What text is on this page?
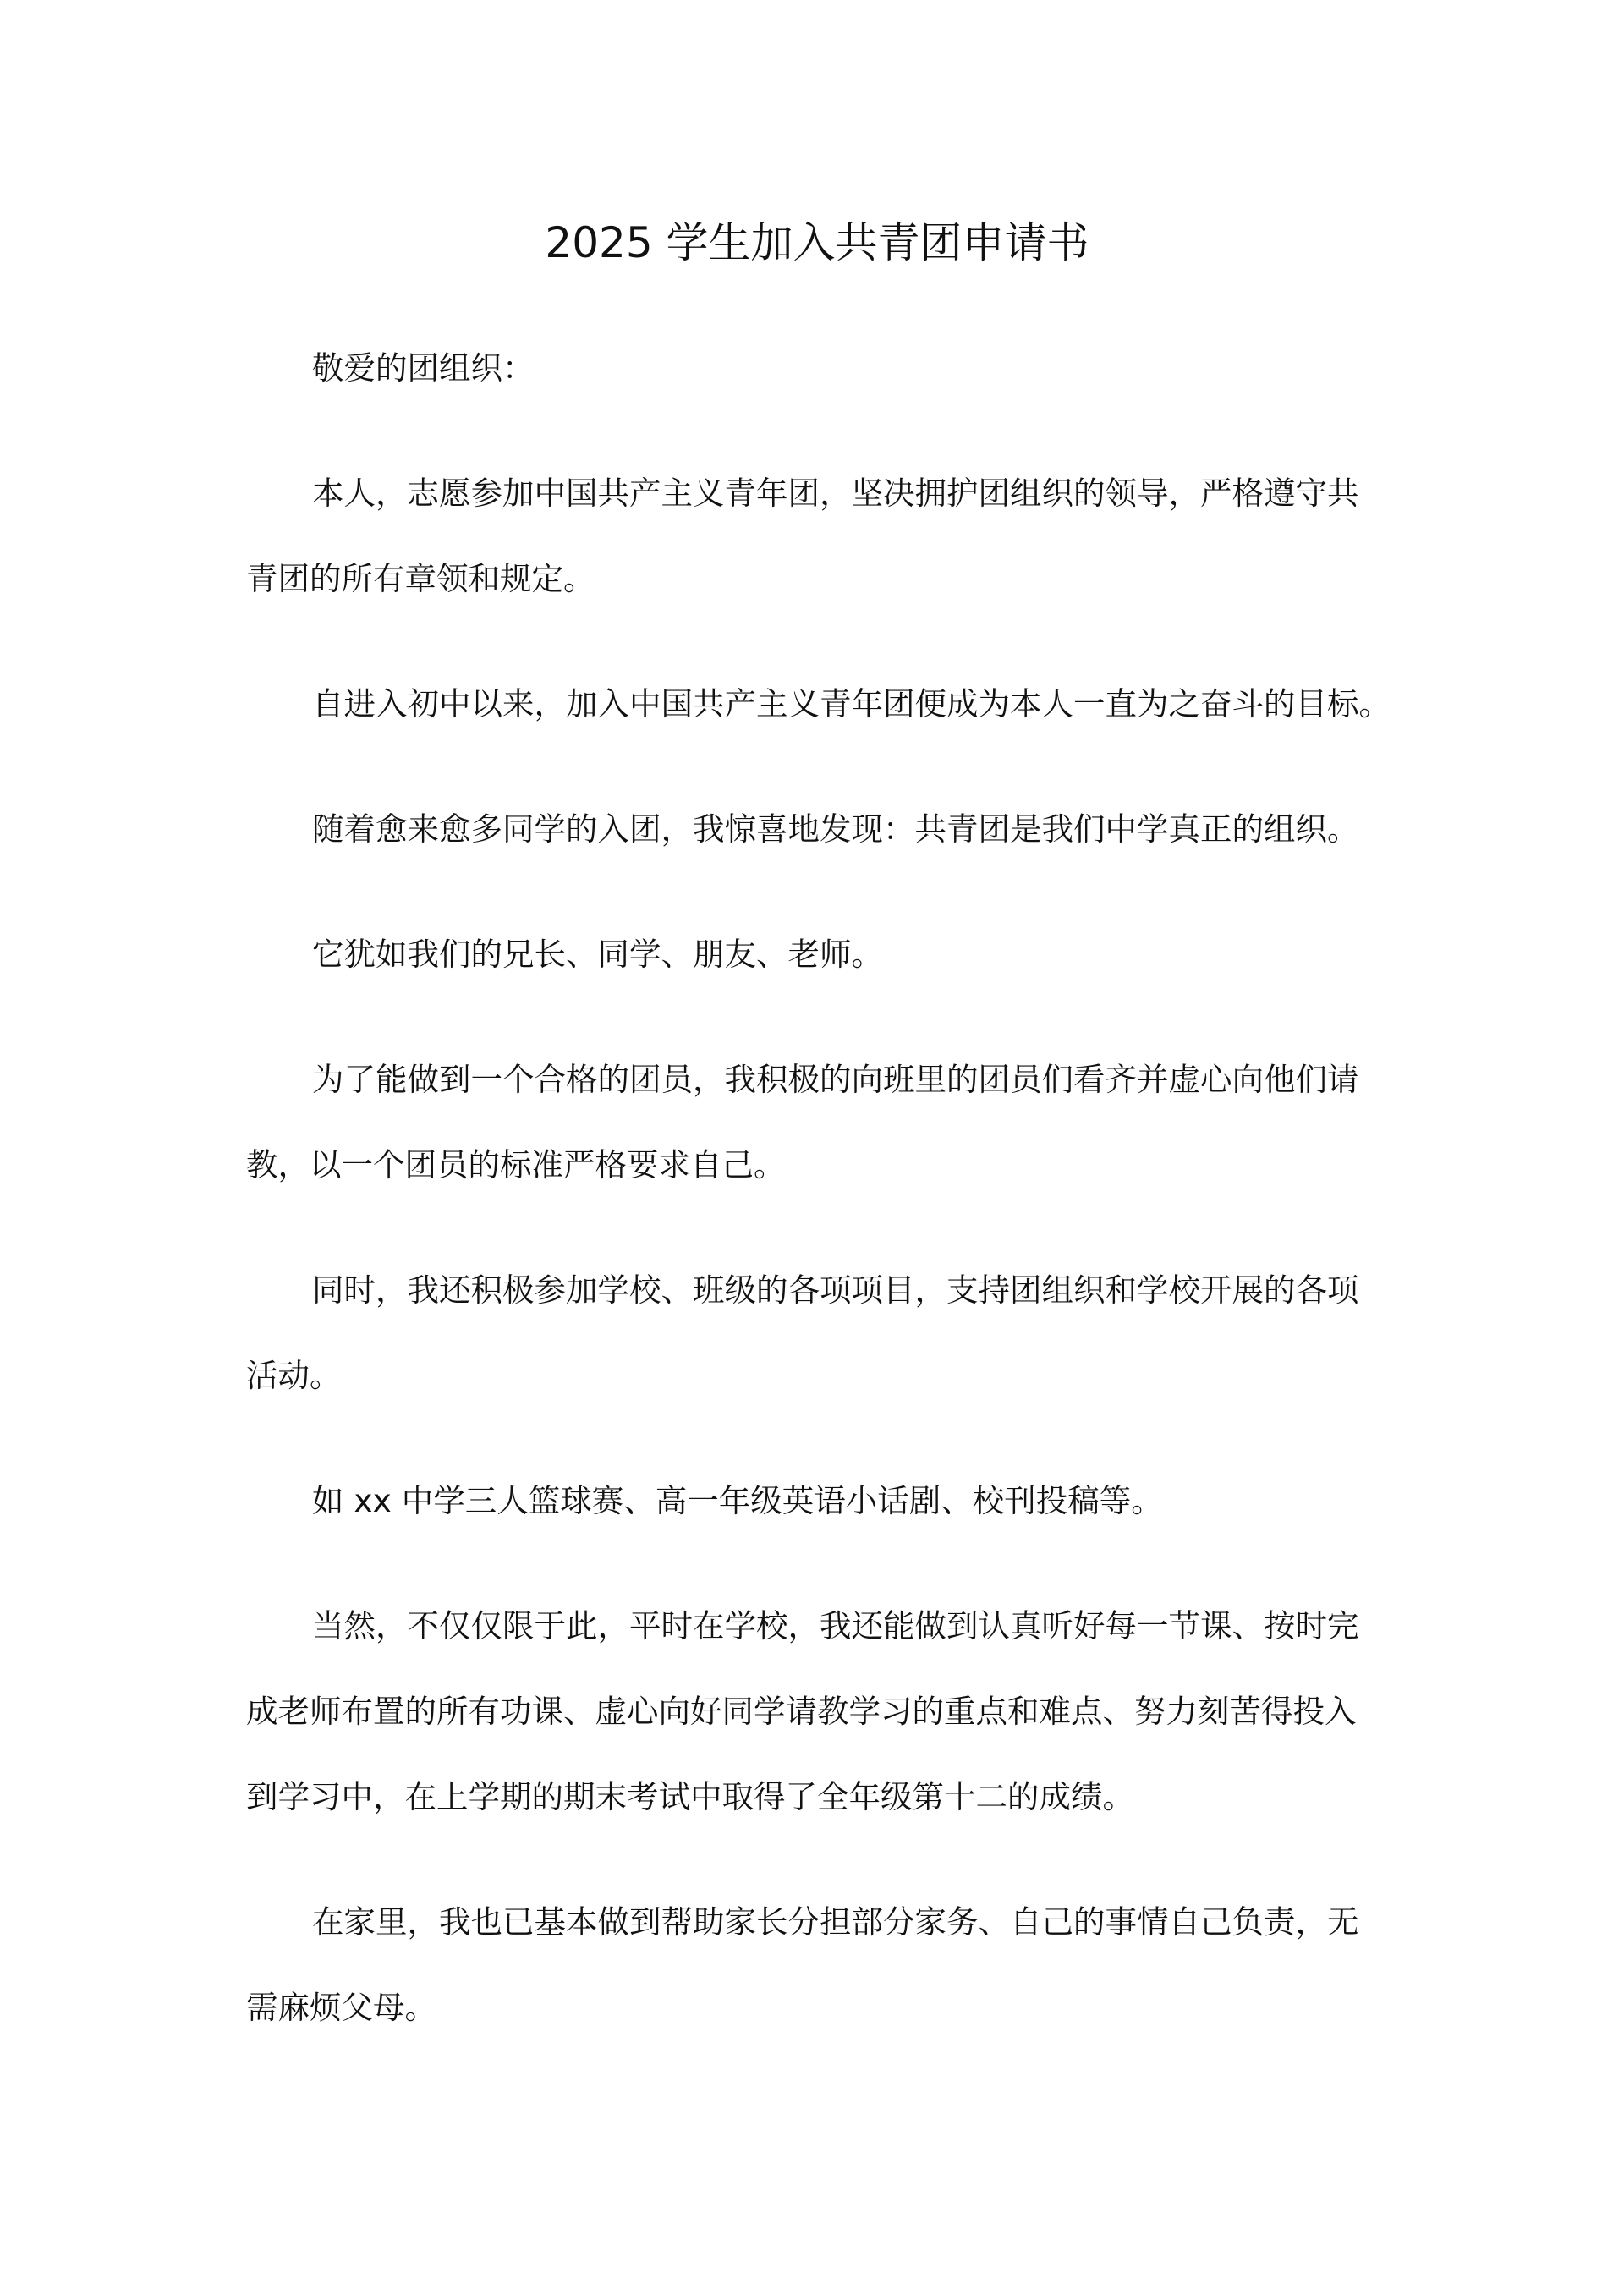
2025 学生加入共青团申请书
敬爱的团组织：
本人，志愿参加中国共产主义青年团，坚决拥护团组织的领导，严格遵守共
青团的所有章领和规定。
自进入初中以来，加入中国共产主义青年团便成为本人一直为之奋斗的目标。
随着愈来愈多同学的入团，我惊喜地发现：共青团是我们中学真正的组织。
它犹如我们的兄长、同学、朋友、老师。
为了能做到一个合格的团员，我积极的向班里的团员们看齐并虚心向他们请
教，以一个团员的标准严格要求自己。
同时，我还积极参加学校、班级的各项项目，支持团组织和学校开展的各项
活动。
如 xx 中学三人篮球赛、高一年级英语小话剧、校刊投稿等。
当然，不仅仅限于此，平时在学校，我还能做到认真听好每一节课、按时完
成老师布置的所有功课、虚心向好同学请教学习的重点和难点、努力刻苦得投入
到学习中，在上学期的期末考试中取得了全年级第十二的成绩。
在家里，我也已基本做到帮助家长分担部分家务、自己的事情自己负责，无
需麻烦父母。
